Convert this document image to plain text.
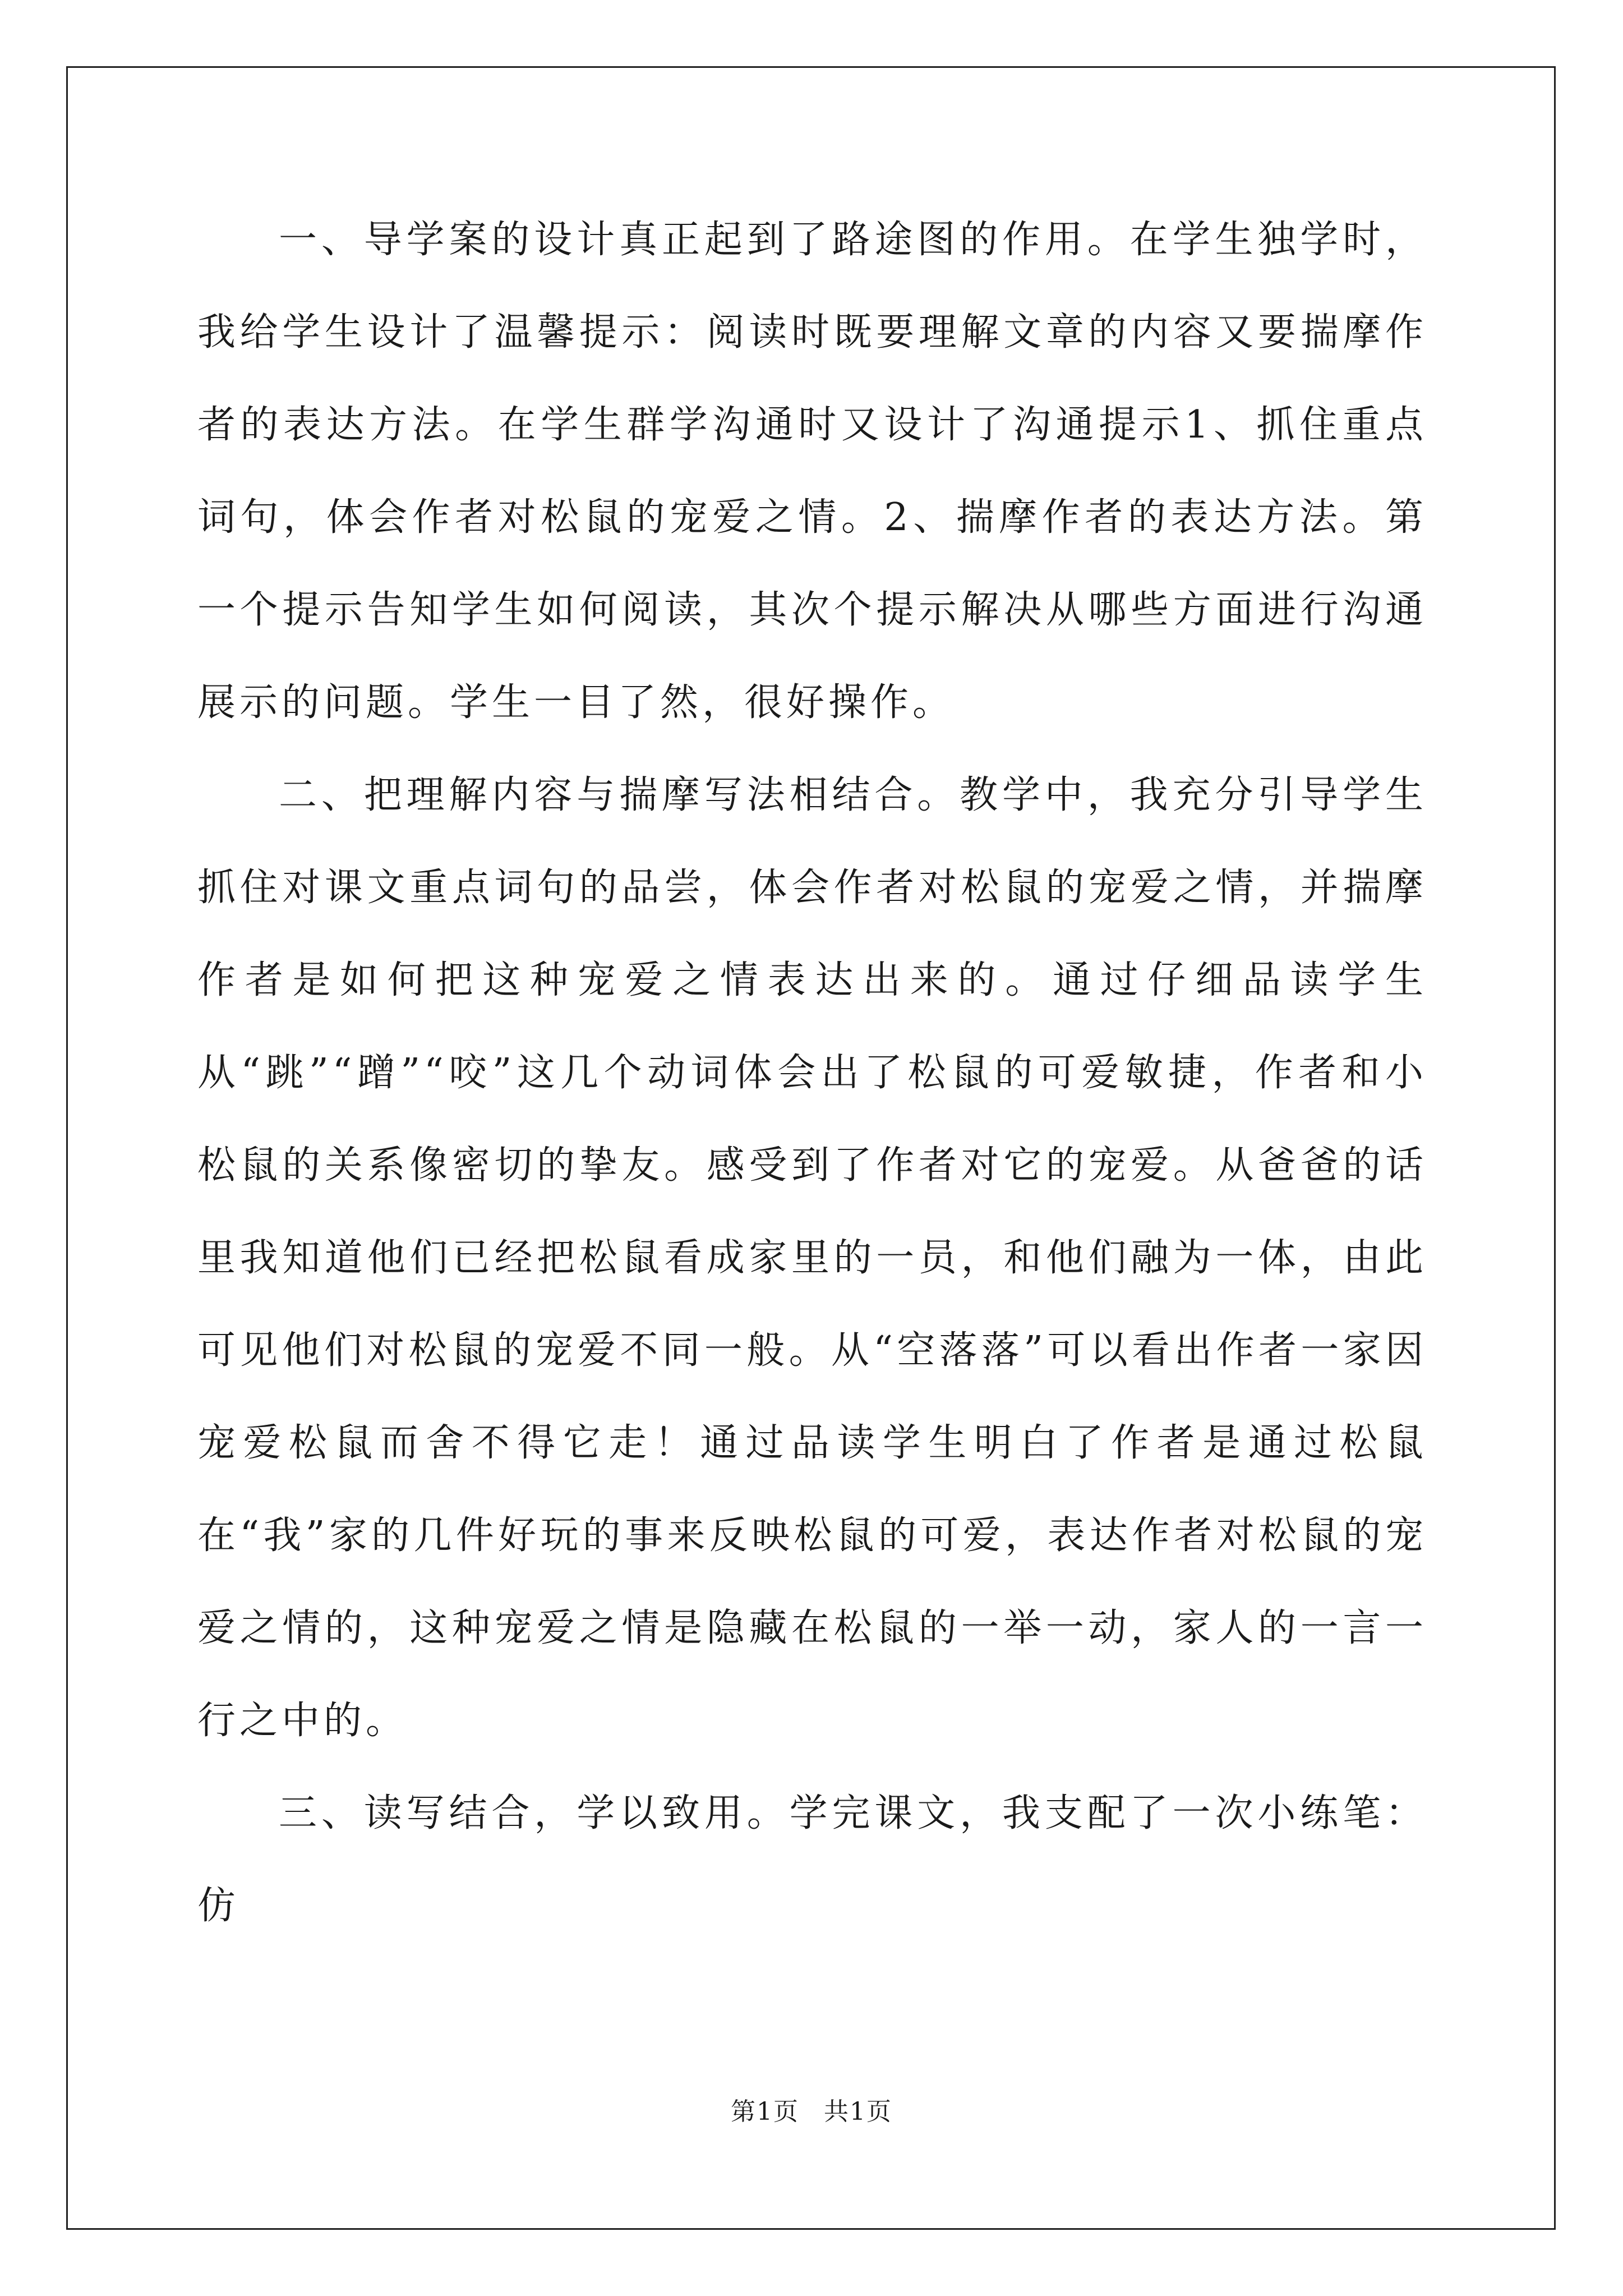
一、导学案的设计真正起到了路途图的作用。在学生独学时，我给学生设计了温馨提示：阅读时既要理解文章的内容又要揣摩作者的表达方法。在学生群学沟通时又设计了沟通提示1、抓住重点词句，体会作者对松鼠的宠爱之情。2、揣摩作者的表达方法。第一个提示告知学生如何阅读，其次个提示解决从哪些方面进行沟通展示的问题。学生一目了然，很好操作。

二、把理解内容与揣摩写法相结合。教学中，我充分引导学生抓住对课文重点词句的品尝，体会作者对松鼠的宠爱之情，并揣摩作者是如何把这种宠爱之情表达出来的。通过仔细品读学生从“跳”“蹭”“咬”这几个动词体会出了松鼠的可爱敏捷，作者和小松鼠的关系像密切的挚友。感受到了作者对它的宠爱。从爸爸的话里我知道他们已经把松鼠看成家里的一员，和他们融为一体，由此可见他们对松鼠的宠爱不同一般。从“空落落”可以看出作者一家因宠爱松鼠而舍不得它走！通过品读学生明白了作者是通过松鼠在“我”家的几件好玩的事来反映松鼠的可爱，表达作者对松鼠的宠爱之情的，这种宠爱之情是隐藏在松鼠的一举一动，家人的一言一行之中的。

三、读写结合，学以致用。学完课文，我支配了一次小练笔：仿

第1页 共1页
